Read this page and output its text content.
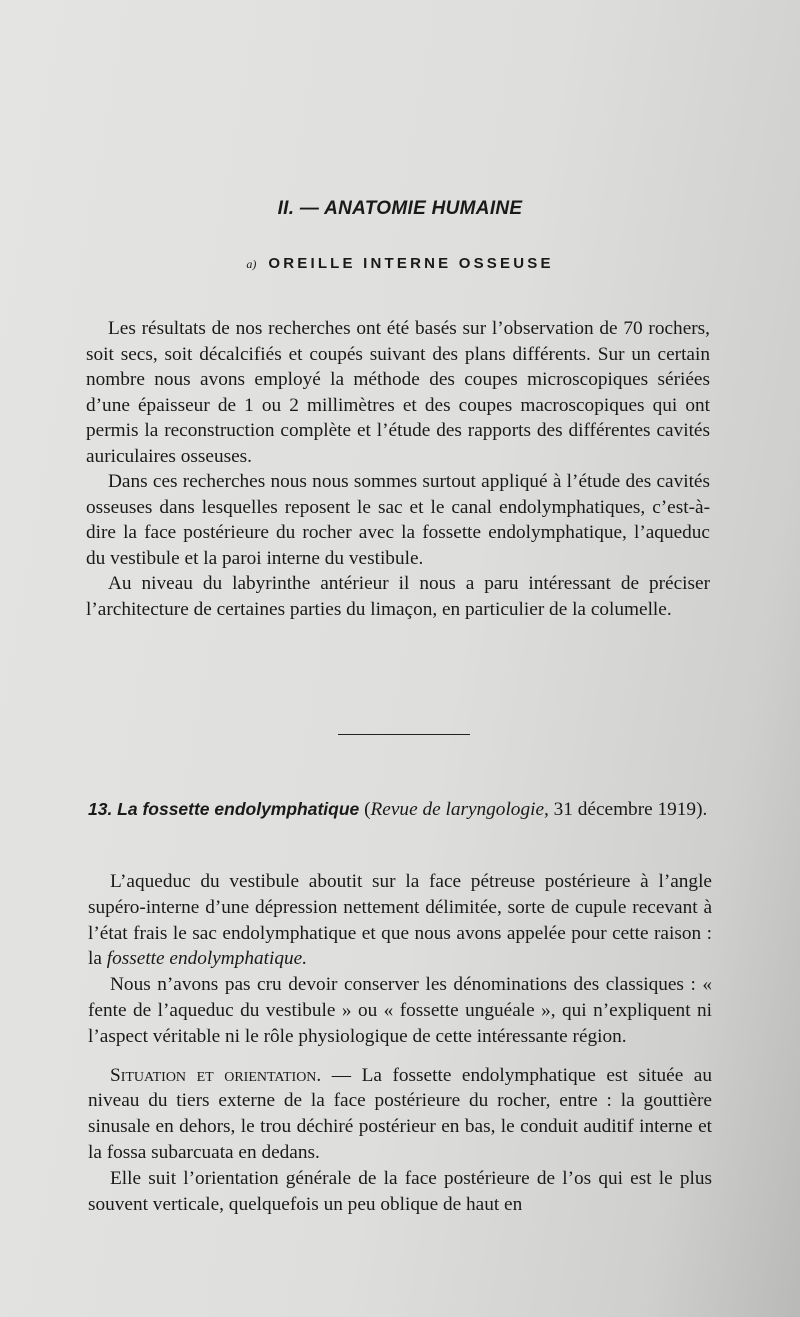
II. — ANATOMIE HUMAINE
a) OREILLE INTERNE OSSEUSE

Les résultats de nos recherches ont été basés sur l’observation de 70 rochers, soit secs, soit décalcifiés et coupés suivant des plans différents. Sur un certain nombre nous avons employé la méthode des coupes microscopiques sériées d’une épaisseur de 1 ou 2 millimètres et des coupes macroscopiques qui ont permis la reconstruction complète et l’étude des rapports des différentes cavités auriculaires osseuses.

Dans ces recherches nous nous sommes surtout appliqué à l’étude des cavités osseuses dans lesquelles reposent le sac et le canal endolymphatiques, c’est-à-dire la face postérieure du rocher avec la fossette endolymphatique, l’aqueduc du vestibule et la paroi interne du vestibule.

Au niveau du labyrinthe antérieur il nous a paru intéressant de préciser l’architecture de certaines parties du limaçon, en particulier de la columelle.

13. La fossette endolymphatique (Revue de laryngologie, 31 décembre 1919).

L’aqueduc du vestibule aboutit sur la face pétreuse postérieure à l’angle supéro-interne d’une dépression nettement délimitée, sorte de cupule recevant à l’état frais le sac endolymphatique et que nous avons appelée pour cette raison : la fossette endolymphatique.

Nous n’avons pas cru devoir conserver les dénominations des classiques : « fente de l’aqueduc du vestibule » ou « fossette unguéale », qui n’expliquent ni l’aspect véritable ni le rôle physiologique de cette intéressante région.

Situation et orientation. — La fossette endolymphatique est située au niveau du tiers externe de la face postérieure du rocher, entre : la gouttière sinusale en dehors, le trou déchiré postérieur en bas, le conduit auditif interne et la fossa subarcuata en dedans.

Elle suit l’orientation générale de la face postérieure de l’os qui est le plus souvent verticale, quelquefois un peu oblique de haut en
